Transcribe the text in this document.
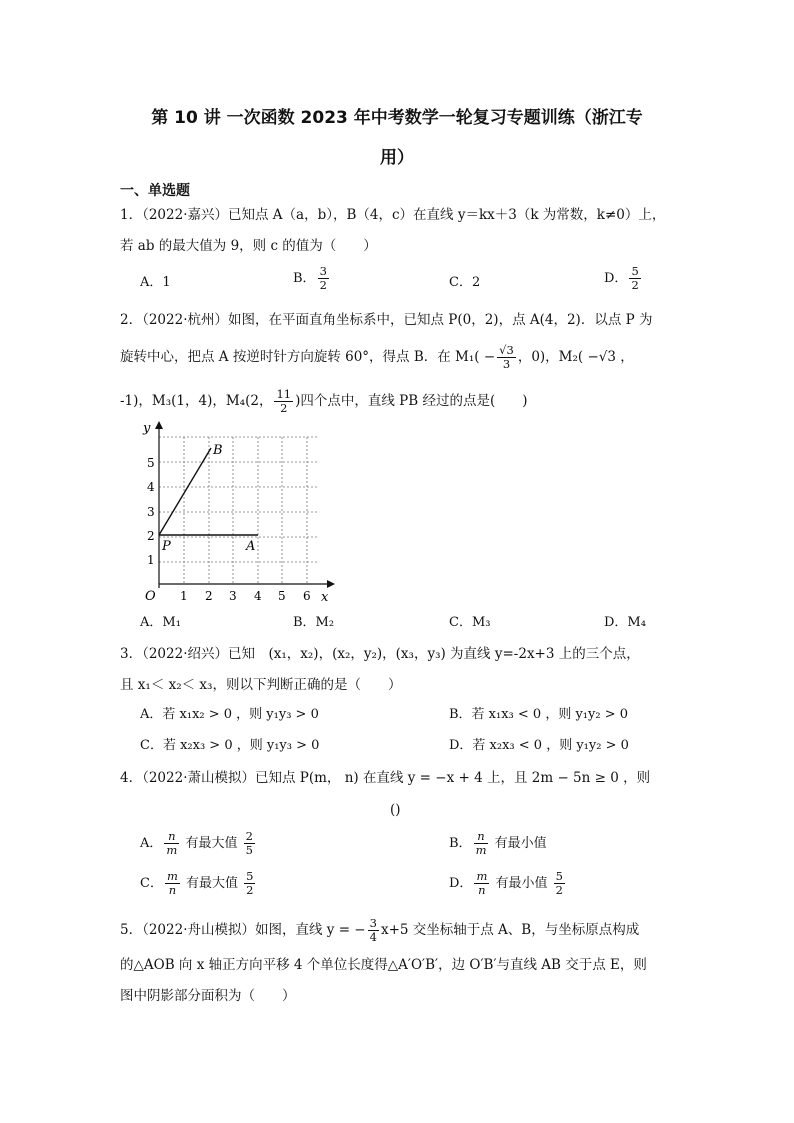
第 10 讲 一次函数 2023 年中考数学一轮复习专题训练（浙江专
用）
一、单选题
1．（2022·嘉兴）已知点 A（a，b），B（4，c）在直线 y＝kx＋3（k 为常数，k≠0）上，
若 ab 的最大值为 9，则 c 的值为（　　）
A．1	B． $\frac{3}{2}$	C．2	D． $\frac{5}{2}$
2．（2022·杭州）如图，在平面直角坐标系中，已知点 P(0，2)，点 A(4，2)．以点 P 为
旋转中心，把点 A 按逆时针方向旋转 60°，得点 B．在 $M_1( - \frac{√3}{3}$ ，0)，M₂( −√3 ，
-1)，M₃(1，4)，M₄(2， $\frac{11}{2}$ )四个点中，直线 PB 经过的点是(　　)
y
x
O 1 2 3 4 5 6
1
2
3
4
5
P	A
B
A．M₁	B．M₂	C．M₃	D．M₄
3．（2022·绍兴）已知　(x₁，x₂)，(x₂，y₂)，(x₃，y₃) 为直线 y=-2x+3 上的三个点，
且 x₁＜ x₂＜ x₃，则以下判断正确的是（　　）
A．若 x₁x₂ > 0 ，则 y₁y₃ > 0	B．若 x₁x₃ < 0 ，则 y₁y₂ > 0
C．若 x₂x₃ > 0 ，则 y₁y₃ > 0	D．若 x₂x₃ < 0 ，则 y₁y₂ > 0
4．（2022·萧山模拟）已知点 P(m， n) 在直线 y = −x + 4 上，且 2m − 5n ≥ 0 ，则
()
A． $\frac{n}{m}$ 有最大值 $\frac{2}{5}$	B． $\frac{n}{m}$ 有最小值
C． $\frac{m}{n}$ 有最大值 $\frac{5}{2}$	D． $\frac{m}{n}$ 有最小值 $\frac{5}{2}$
5．（2022·舟山模拟）如图，直线 y = − $\frac{3}{4} x+5$ 交坐标轴于点 A、B，与坐标原点构成
的△AOB 向 x 轴正方向平移 4 个单位长度得△A′O′B′，边 O′B′与直线 AB 交于点 E，则
图中阴影部分面积为（　　）
